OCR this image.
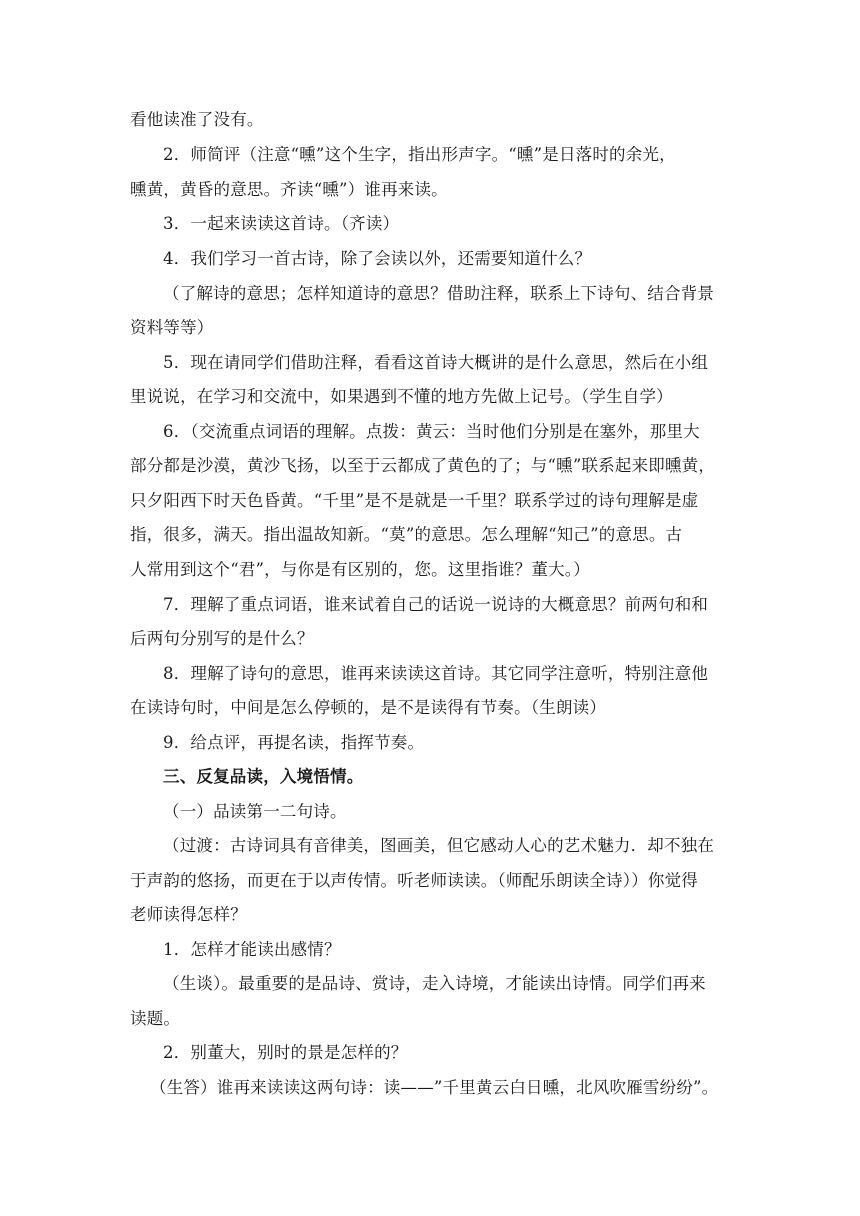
看他读准了没有。
2．师简评（注意“曛”这个生字，指出形声字。“曛”是日落时的余光，
曛黄，黄昏的意思。齐读“曛”）谁再来读。
3．一起来读读这首诗。（齐读）
4．我们学习一首古诗，除了会读以外，还需要知道什么？
（了解诗的意思；怎样知道诗的意思？借助注释，联系上下诗句、结合背景
资料等等）
5．现在请同学们借助注释，看看这首诗大概讲的是什么意思，然后在小组
里说说，在学习和交流中，如果遇到不懂的地方先做上记号。（学生自学）
6．（交流重点词语的理解。点拨：黄云：当时他们分别是在塞外，那里大
部分都是沙漠，黄沙飞扬，以至于云都成了黄色的了；与“曛”联系起来即曛黄，
只夕阳西下时天色昏黄。“千里”是不是就是一千里？联系学过的诗句理解是虚
指，很多，满天。指出温故知新。“莫”的意思。怎么理解“知己”的意思。古
人常用到这个“君”，与你是有区别的，您。这里指谁？董大。）
7．理解了重点词语，谁来试着自己的话说一说诗的大概意思？前两句和和
后两句分别写的是什么？
8．理解了诗句的意思，谁再来读读这首诗。其它同学注意听，特别注意他
在读诗句时，中间是怎么停顿的，是不是读得有节奏。（生朗读）
9．给点评，再提名读，指挥节奏。
三、反复品读，入境悟情。
（一）品读第一二句诗。
（过渡：古诗词具有音律美，图画美，但它感动人心的艺术魅力．却不独在
于声韵的悠扬，而更在于以声传情。听老师读读。（师配乐朗读全诗））你觉得
老师读得怎样？
1．怎样才能读出感情？
（生谈）。最重要的是品诗、赏诗，走入诗境，才能读出诗情。同学们再来
读题。
2．别董大，别时的景是怎样的？
（生答）谁再来读读这两句诗：读——”千里黄云白日曛，北风吹雁雪纷纷”。
